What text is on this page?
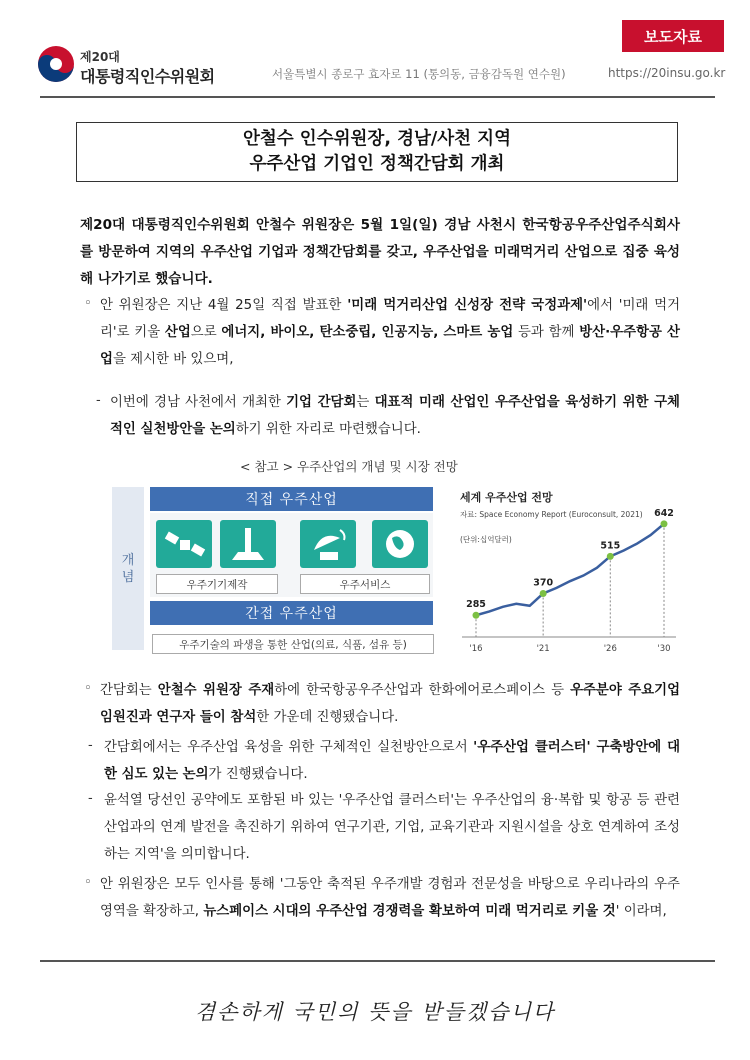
보도자료
제20대
대통령직인수위원회	서울특별시 종로구 효자로 11 (통의동, 금융감독원 연수원)	https://20insu.go.kr
안철수 인수위원장, 경남/사천 지역
우주산업 기업인 정책간담회 개최
제20대 대통령직인수위원회 안철수 위원장은 5월 1일(일) 경남 사천시 한국항공우주산업주식회사를 방문하여 지역의 우주산업 기업과 정책간담회를 갖고, 우주산업을 미래먹거리 산업으로 집중 육성해 나가기로 했습니다.
◦ 안 위원장은 지난 4월 25일 직접 발표한 '미래 먹거리산업 신성장 전략 국정과제'에서 '미래 먹거리'로 키울 산업으로 에너지, 바이오, 탄소중립, 인공지능, 스마트 농업 등과 함께 방산·우주항공 산업을 제시한 바 있으며,
- 이번에 경남 사천에서 개최한 기업 간담회는 대표적 미래 산업인 우주산업을 육성하기 위한 구체적인 실천방안을 논의하기 위한 자리로 마련했습니다.
< 참고 > 우주산업의 개념 및 시장 전망
개
념
직접 우주산업
우주기기제작	우주서비스
간접 우주산업
우주기술의 파생을 통한 산업(의료, 식품, 섬유 등)
세계 우주산업 전망
자료: Space Economy Report (Euroconsult, 2021)
(단위:십억달러)
285
370
515
642
'16	'21	'26	'30
◦ 간담회는 안철수 위원장 주재하에 한국항공우주산업과 한화에어로스페이스 등 우주분야 주요기업 임원진과 연구자 들이 참석한 가운데 진행됐습니다.
- 간담회에서는 우주산업 육성을 위한 구체적인 실천방안으로서 '우주산업 클러스터' 구축방안에 대한 심도 있는 논의가 진행됐습니다.
- 윤석열 당선인 공약에도 포함된 바 있는 '우주산업 클러스터'는 우주산업의 융·복합 및 항공 등 관련 산업과의 연계 발전을 촉진하기 위하여 연구기관, 기업, 교육기관과 지원시설을 상호 연계하여 조성하는 지역'을 의미합니다.
◦ 안 위원장은 모두 인사를 통해 '그동안 축적된 우주개발 경험과 전문성을 바탕으로 우리나라의 우주영역을 확장하고, 뉴스페이스 시대의 우주산업 경쟁력을 확보하여 미래 먹거리로 키울 것' 이라며,
겸손하게 국민의 뜻을 받들겠습니다
